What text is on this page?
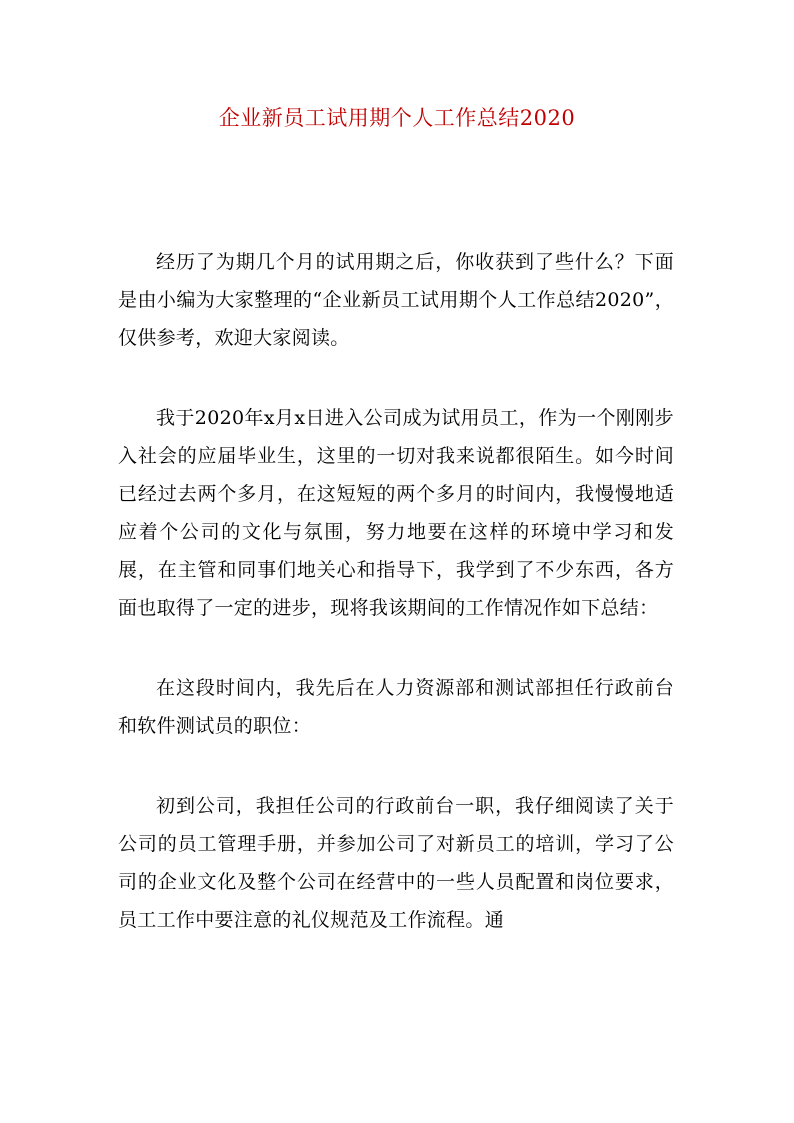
企业新员工试用期个人工作总结2020

经历了为期几个月的试用期之后，你收获到了些什么？下面是由小编为大家整理的“企业新员工试用期个人工作总结2020”，仅供参考，欢迎大家阅读。

我于2020年x月x日进入公司成为试用员工，作为一个刚刚步入社会的应届毕业生，这里的一切对我来说都很陌生。如今时间已经过去两个多月，在这短短的两个多月的时间内，我慢慢地适应着个公司的文化与氛围，努力地要在这样的环境中学习和发展，在主管和同事们地关心和指导下，我学到了不少东西，各方面也取得了一定的进步，现将我该期间的工作情况作如下总结：

在这段时间内，我先后在人力资源部和测试部担任行政前台和软件测试员的职位：

初到公司，我担任公司的行政前台一职，我仔细阅读了关于公司的员工管理手册，并参加公司了对新员工的培训，学习了公司的企业文化及整个公司在经营中的一些人员配置和岗位要求，员工工作中要注意的礼仪规范及工作流程。通
